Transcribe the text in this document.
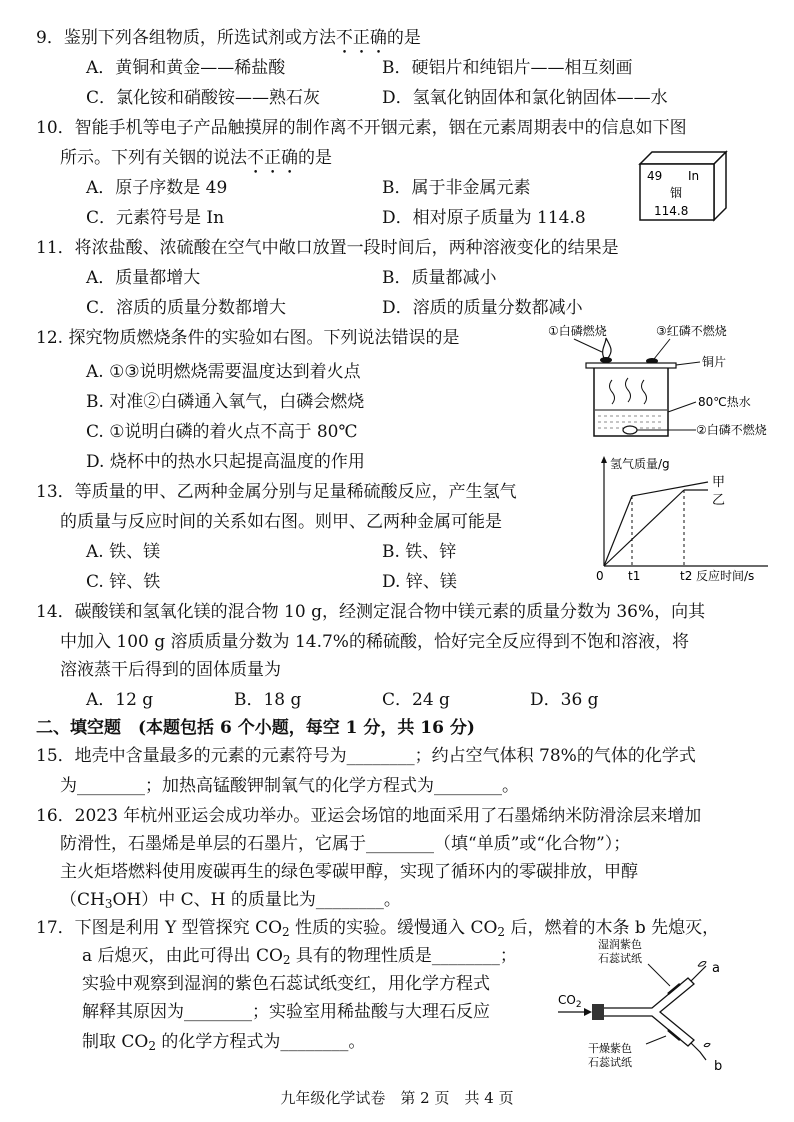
9．鉴别下列各组物质，所选试剂或方法不正确的是
A．黄铜和黄金——稀盐酸	B．硬铝片和纯铝片——相互刻画
C．氯化铵和硝酸铵——熟石灰	D．氢氧化钠固体和氯化钠固体——水
10．智能手机等电子产品触摸屏的制作离不开铟元素，铟在元素周期表中的信息如下图
所示。下列有关铟的说法不正确的是
A．原子序数是 49	B．属于非金属元素
C．元素符号是 In	D．相对原子质量为 114.8
49 In
铟
114.8
11．将浓盐酸、浓硫酸在空气中敞口放置一段时间后，两种溶液变化的结果是
A．质量都增大	B．质量都减小
C．溶质的质量分数都增大	D．溶质的质量分数都减小
12. 探究物质燃烧条件的实验如右图。下列说法错误的是
A. ①③说明燃烧需要温度达到着火点
B. 对准②白磷通入氧气，白磷会燃烧
C. ①说明白磷的着火点不高于 80℃
D. 烧杯中的热水只起提高温度的作用
①白磷燃烧	③红磷不燃烧
铜片
80℃热水
②白磷不燃烧
13．等质量的甲、乙两种金属分别与足量稀硫酸反应，产生氢气
的质量与反应时间的关系如右图。则甲、乙两种金属可能是
A. 铁、镁	B. 铁、锌
C. 锌、铁	D. 锌、镁
氢气质量/g
甲
乙
0 t1	t2 反应时间/s
14．碳酸镁和氢氧化镁的混合物 10 g，经测定混合物中镁元素的质量分数为 36%，向其
中加入 100 g 溶质质量分数为 14.7%的稀硫酸，恰好完全反应得到不饱和溶液，将
溶液蒸干后得到的固体质量为
A．12 g	B．18 g	C．24 g	D．36 g
二、填空题　(本题包括 6 个小题，每空 1 分，共 16 分)
15．地壳中含量最多的元素的元素符号为________；约占空气体积 78%的气体的化学式
为________；加热高锰酸钾制氧气的化学方程式为________。
16．2023 年杭州亚运会成功举办。亚运会场馆的地面采用了石墨烯纳米防滑涂层来增加
防滑性，石墨烯是单层的石墨片，它属于________（填“单质”或“化合物”）；
主火炬塔燃料使用废碳再生的绿色零碳甲醇，实现了循环内的零碳排放，甲醇
$(CH_3OH)$中 C、H 的质量比为________。
17．下图是利用 Y 型管探究 $CO_2$ 性质的实验。缓慢通入 $CO_2$ 后，燃着的木条 b 先熄灭，
a 后熄灭，由此可得出 $CO_2$ 具有的物理性质是________；
实验中观察到湿润的紫色石蕊试纸变红，用化学方程式
解释其原因为________；实验室用稀盐酸与大理石反应
制取 $CO_2$ 的化学方程式为________。
湿润紫色
石蕊试纸
$CO_2$
a
b
干燥紫色
石蕊试纸
九年级化学试卷　第 2 页　共 4 页
